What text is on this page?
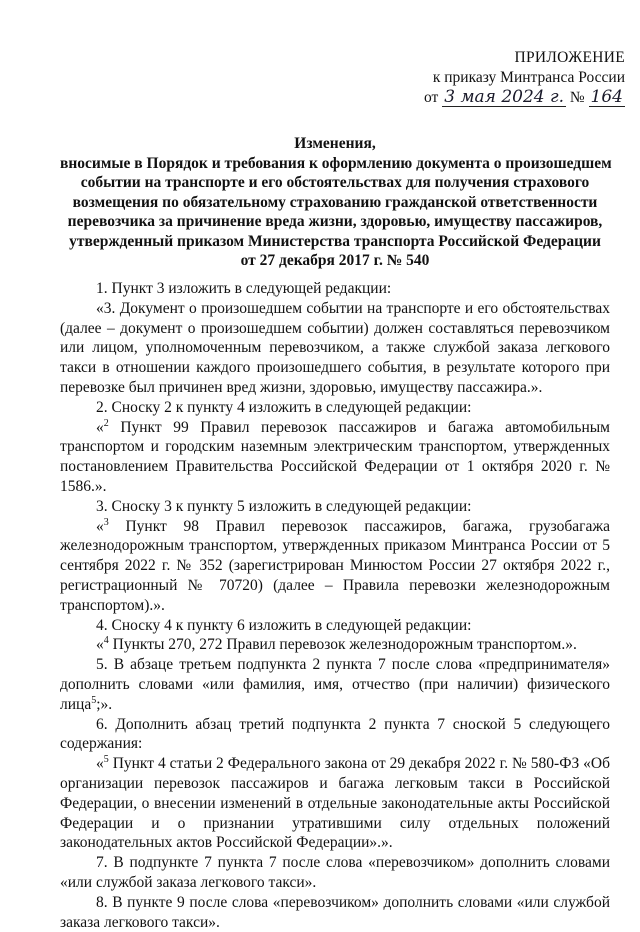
ПРИЛОЖЕНИЕ
к приказу Минтранса России
от 3 мая 2024 г. № 164
Изменения,
вносимые в Порядок и требования к оформлению документа о произошедшем
событии на транспорте и его обстоятельствах для получения страхового
возмещения по обязательному страхованию гражданской ответственности
перевозчика за причинение вреда жизни, здоровью, имуществу пассажиров,
утвержденный приказом Министерства транспорта Российской Федерации
от 27 декабря 2017 г. № 540

1. Пункт 3 изложить в следующей редакции:

«3. Документ о произошедшем событии на транспорте и его обстоятельствах (далее – документ о произошедшем событии) должен составляться перевозчиком или лицом, уполномоченным перевозчиком, а также службой заказа легкового такси в отношении каждого произошедшего события, в результате которого при перевозке был причинен вред жизни, здоровью, имуществу пассажира.».

2. Сноску 2 к пункту 4 изложить в следующей редакции:

«$^2$ Пункт 99 Правил перевозок пассажиров и багажа автомобильным транспортом и городским наземным электрическим транспортом, утвержденных постановлением Правительства Российской Федерации от 1 октября 2020 г. № 1586.».

3. Сноску 3 к пункту 5 изложить в следующей редакции:

«$^3$ Пункт 98 Правил перевозок пассажиров, багажа, грузобагажа железнодорожным транспортом, утвержденных приказом Минтранса России от 5 сентября 2022 г. № 352 (зарегистрирован Минюстом России 27 октября 2022 г., регистрационный № 70720) (далее – Правила перевозки железнодорожным транспортом).».

4. Сноску 4 к пункту 6 изложить в следующей редакции:

«$^4$ Пункты 270, 272 Правил перевозок железнодорожным транспортом.».

5. В абзаце третьем подпункта 2 пункта 7 после слова «предпринимателя» дополнить словами «или фамилия, имя, отчество (при наличии) физического лица$^5$;».

6. Дополнить абзац третий подпункта 2 пункта 7 сноской 5 следующего содержания:

«$^5$ Пункт 4 статьи 2 Федерального закона от 29 декабря 2022 г. № 580-ФЗ «Об организации перевозок пассажиров и багажа легковым такси в Российской Федерации, о внесении изменений в отдельные законодательные акты Российской Федерации и о признании утратившими силу отдельных положений законодательных актов Российской Федерации».».

7. В подпункте 7 пункта 7 после слова «перевозчиком» дополнить словами «или службой заказа легкового такси».

8. В пункте 9 после слова «перевозчиком» дополнить словами «или службой заказа легкового такси».
